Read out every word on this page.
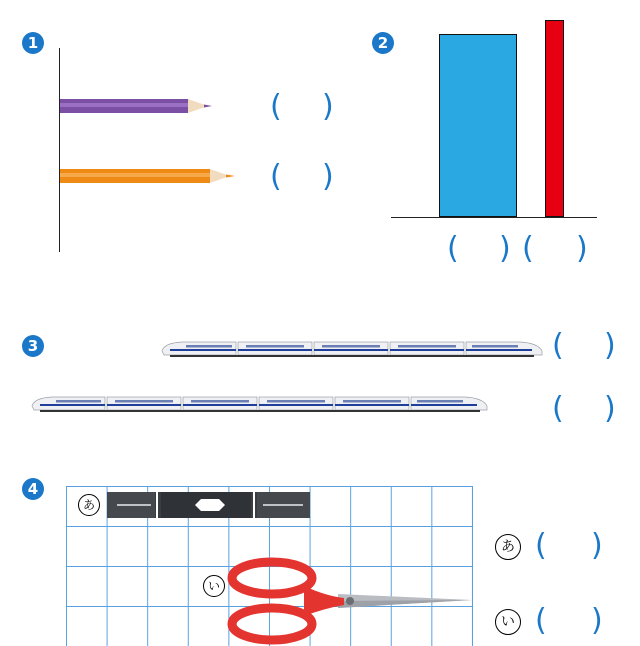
1
( )
( )
2
( ) ( )
3	( )
( )
4
あ
い
あ ( )
い ( )
